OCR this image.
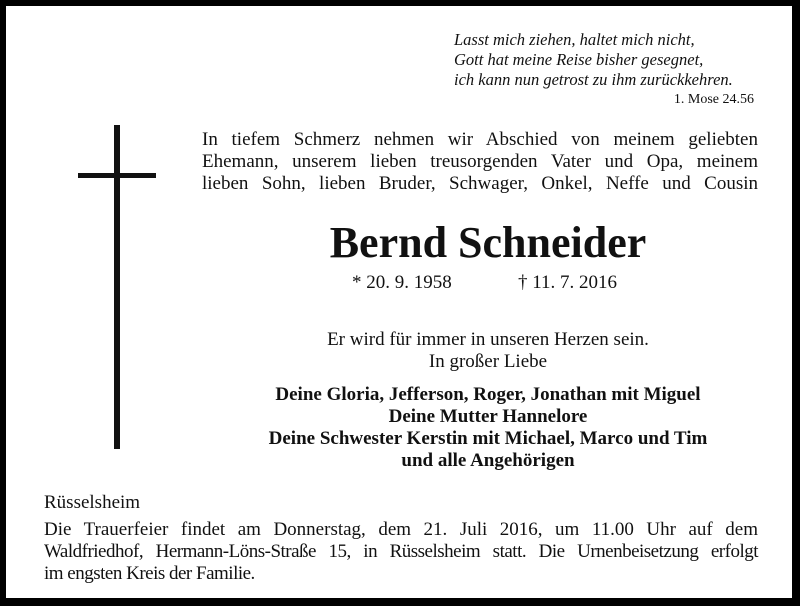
Lasst mich ziehen, haltet mich nicht,
Gott hat meine Reise bisher gesegnet,
ich kann nun getrost zu ihm zurückkehren.
1. Mose 24.56
In tiefem Schmerz nehmen wir Abschied von meinem geliebten
Ehemann, unserem lieben treusorgenden Vater und Opa, meinem
lieben Sohn, lieben Bruder, Schwager, Onkel, Neffe und Cousin
Bernd Schneider
* 20. 9. 1958	† 11. 7. 2016
Er wird für immer in unseren Herzen sein.
In großer Liebe
Deine Gloria, Jefferson, Roger, Jonathan mit Miguel
Deine Mutter Hannelore
Deine Schwester Kerstin mit Michael, Marco und Tim
und alle Angehörigen
Rüsselsheim
Die Trauerfeier findet am Donnerstag, dem 21. Juli 2016, um 11.00 Uhr auf dem
Waldfriedhof, Hermann-Löns-Straße 15, in Rüsselsheim statt. Die Urnenbeisetzung erfolgt
im engsten Kreis der Familie.
